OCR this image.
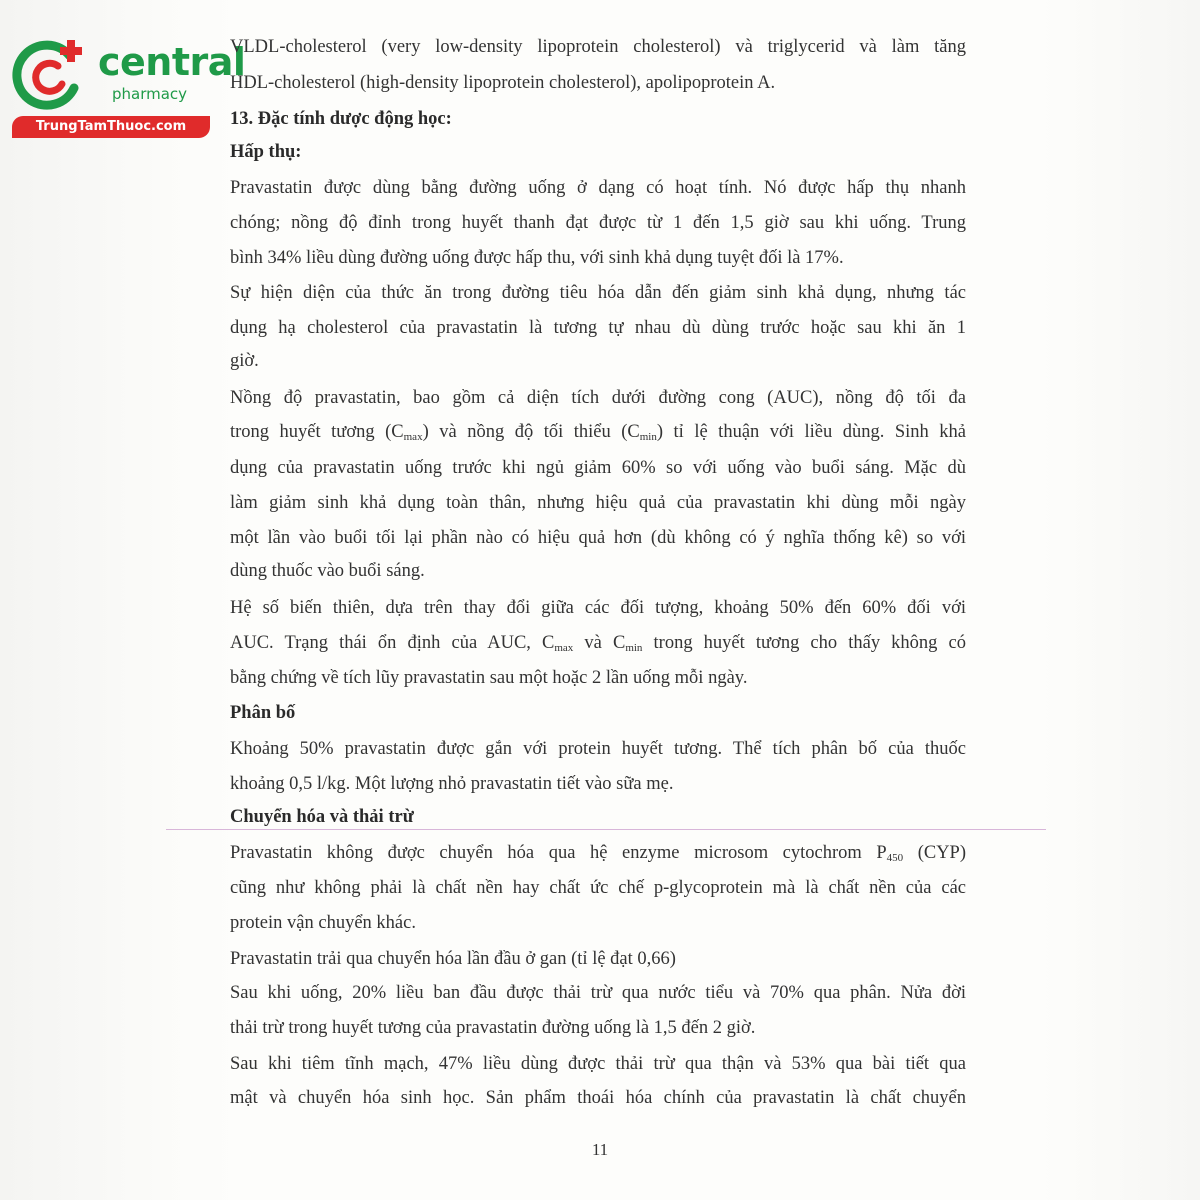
central
pharmacy
TrungTamThuoc.com
VLDL-cholesterol (very low-density lipoprotein cholesterol) và triglycerid và làm tăng
HDL-cholesterol (high-density lipoprotein cholesterol), apolipoprotein A.
13. Đặc tính dược động học:
Hấp thụ:
Pravastatin được dùng bằng đường uống ở dạng có hoạt tính. Nó được hấp thụ nhanh
chóng; nồng độ đỉnh trong huyết thanh đạt được từ 1 đến 1,5 giờ sau khi uống. Trung
bình 34% liều dùng đường uống được hấp thu, với sinh khả dụng tuyệt đối là 17%.
Sự hiện diện của thức ăn trong đường tiêu hóa dẫn đến giảm sinh khả dụng, nhưng tác
dụng hạ cholesterol của pravastatin là tương tự nhau dù dùng trước hoặc sau khi ăn 1
giờ.
Nồng độ pravastatin, bao gồm cả diện tích dưới đường cong (AUC), nồng độ tối đa
trong huyết tương $(C_{max})$ và nồng độ tối thiểu $(C_{min})$ tỉ lệ thuận với liều dùng. Sinh khả
dụng của pravastatin uống trước khi ngủ giảm 60% so với uống vào buổi sáng. Mặc dù
làm giảm sinh khả dụng toàn thân, nhưng hiệu quả của pravastatin khi dùng mỗi ngày
một lần vào buổi tối lại phần nào có hiệu quả hơn (dù không có ý nghĩa thống kê) so với
dùng thuốc vào buổi sáng.
Hệ số biến thiên, dựa trên thay đổi giữa các đối tượng, khoảng 50% đến 60% đối với
AUC. Trạng thái ổn định của AUC, $C_{max}$ và $C_{min}$ trong huyết tương cho thấy không có
bằng chứng về tích lũy pravastatin sau một hoặc 2 lần uống mỗi ngày.
Phân bố
Khoảng 50% pravastatin được gắn với protein huyết tương. Thể tích phân bố của thuốc
khoảng 0,5 l/kg. Một lượng nhỏ pravastatin tiết vào sữa mẹ.
Chuyển hóa và thải trừ
Pravastatin không được chuyển hóa qua hệ enzyme microsom cytochrom $P_{450}$ (CYP)
cũng như không phải là chất nền hay chất ức chế p-glycoprotein mà là chất nền của các
protein vận chuyển khác.
Pravastatin trải qua chuyển hóa lần đầu ở gan (tỉ lệ đạt 0,66)
Sau khi uống, 20% liều ban đầu được thải trừ qua nước tiểu và 70% qua phân. Nửa đời
thải trừ trong huyết tương của pravastatin đường uống là 1,5 đến 2 giờ.
Sau khi tiêm tĩnh mạch, 47% liều dùng được thải trừ qua thận và 53% qua bài tiết qua
mật và chuyển hóa sinh học. Sản phẩm thoái hóa chính của pravastatin là chất chuyển
11
